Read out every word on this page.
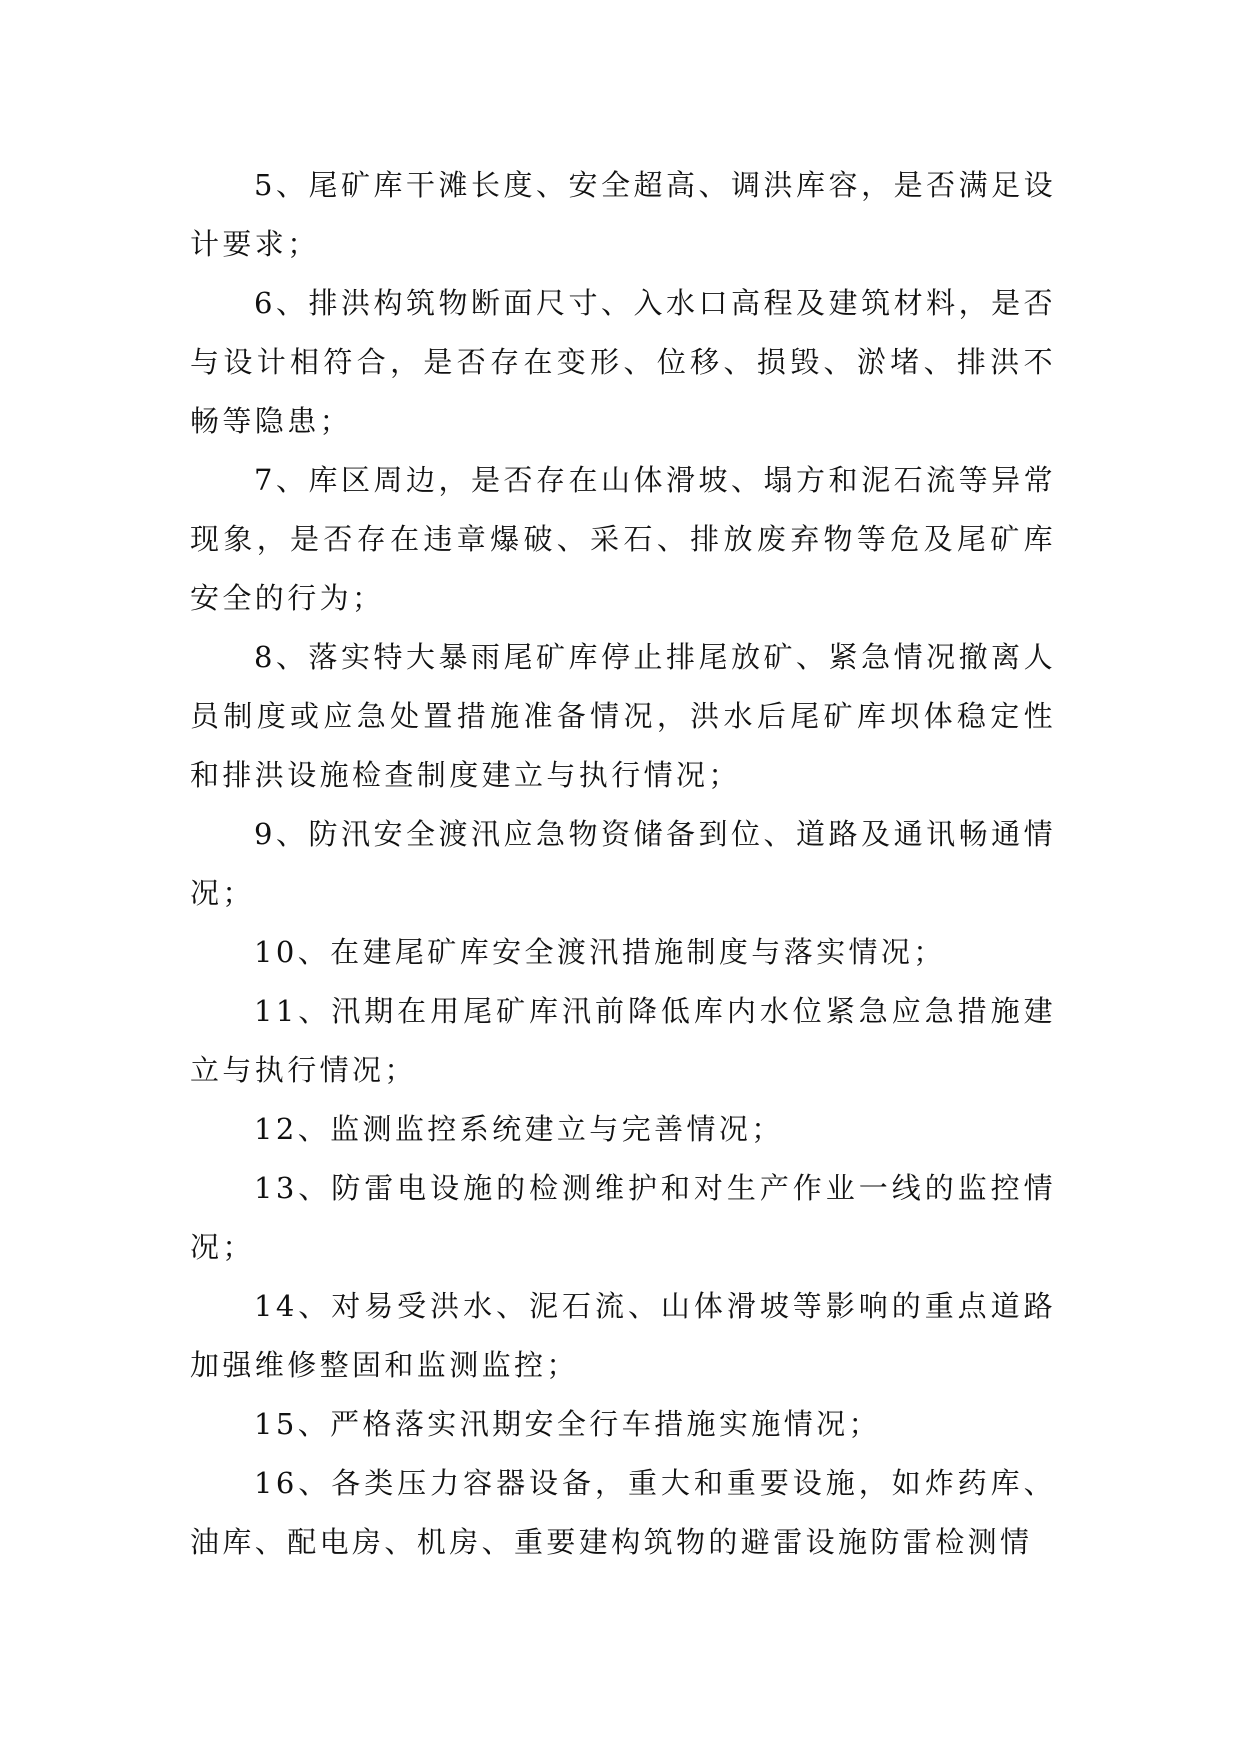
5、尾矿库干滩长度、安全超高、调洪库容，是否满足设计要求；

6、排洪构筑物断面尺寸、入水口高程及建筑材料，是否与设计相符合，是否存在变形、位移、损毁、淤堵、排洪不畅等隐患；

7、库区周边，是否存在山体滑坡、塌方和泥石流等异常现象，是否存在违章爆破、采石、排放废弃物等危及尾矿库安全的行为；

8、落实特大暴雨尾矿库停止排尾放矿、紧急情况撤离人员制度或应急处置措施准备情况，洪水后尾矿库坝体稳定性和排洪设施检查制度建立与执行情况；

9、防汛安全渡汛应急物资储备到位、道路及通讯畅通情况；

10、在建尾矿库安全渡汛措施制度与落实情况；

11、汛期在用尾矿库汛前降低库内水位紧急应急措施建立与执行情况；

12、监测监控系统建立与完善情况；

13、防雷电设施的检测维护和对生产作业一线的监控情况；

14、对易受洪水、泥石流、山体滑坡等影响的重点道路加强维修整固和监测监控；

15、严格落实汛期安全行车措施实施情况；

16、各类压力容器设备，重大和重要设施，如炸药库、油库、配电房、机房、重要建构筑物的避雷设施防雷检测情
